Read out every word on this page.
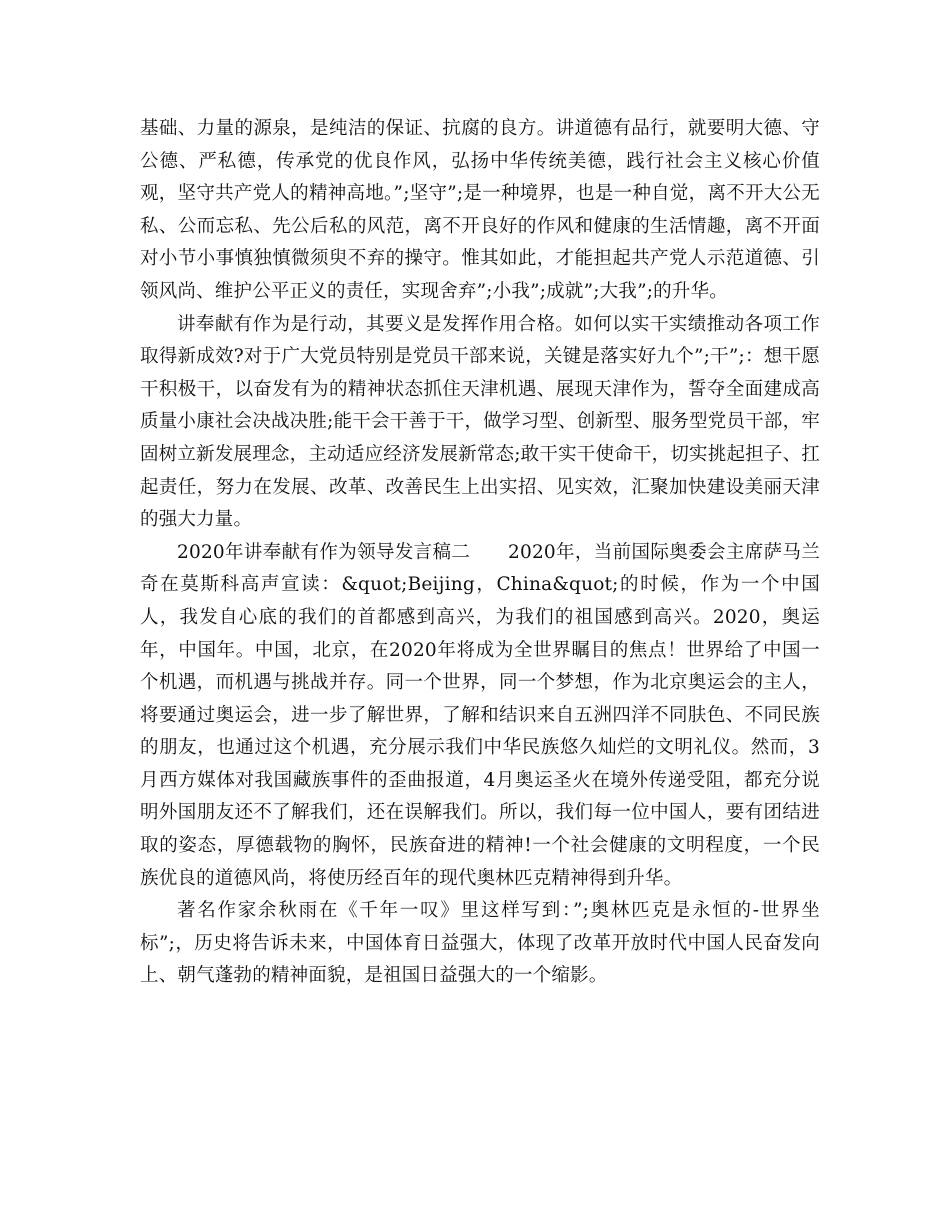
基础、力量的源泉，是纯洁的保证、抗腐的良方。讲道德有品行，就要明大德、守公德、严私德，传承党的优良作风，弘扬中华传统美德，践行社会主义核心价值观，坚守共产党人的精神高地。”;坚守”;是一种境界，也是一种自觉，离不开大公无私、公而忘私、先公后私的风范，离不开良好的作风和健康的生活情趣，离不开面对小节小事慎独慎微须臾不弃的操守。惟其如此，才能担起共产党人示范道德、引领风尚、维护公平正义的责任，实现舍弃”;小我”;成就”;大我”;的升华。

讲奉献有作为是行动，其要义是发挥作用合格。如何以实干实绩推动各项工作取得新成效?对于广大党员特别是党员干部来说，关键是落实好九个”;干”;：想干愿干积极干，以奋发有为的精神状态抓住天津机遇、展现天津作为，誓夺全面建成高质量小康社会决战决胜;能干会干善于干，做学习型、创新型、服务型党员干部，牢固树立新发展理念，主动适应经济发展新常态;敢干实干使命干，切实挑起担子、扛起责任，努力在发展、改革、改善民生上出实招、见实效，汇聚加快建设美丽天津的强大力量。

2020年讲奉献有作为领导发言稿二　　2020年，当前国际奥委会主席萨马兰奇在莫斯科高声宣读：&quot;Beijing，China&quot;的时候，作为一个中国人，我发自心底的我们的首都感到高兴，为我们的祖国感到高兴。2020，奥运年，中国年。中国，北京，在2020年将成为全世界瞩目的焦点！世界给了中国一个机遇，而机遇与挑战并存。同一个世界，同一个梦想，作为北京奥运会的主人，将要通过奥运会，进一步了解世界，了解和结识来自五洲四洋不同肤色、不同民族的朋友，也通过这个机遇，充分展示我们中华民族悠久灿烂的文明礼仪。然而，3月西方媒体对我国藏族事件的歪曲报道，4月奥运圣火在境外传递受阻，都充分说明外国朋友还不了解我们，还在误解我们。所以，我们每一位中国人，要有团结进取的姿态，厚德载物的胸怀，民族奋进的精神!一个社会健康的文明程度，一个民族优良的道德风尚，将使历经百年的现代奥林匹克精神得到升华。

著名作家余秋雨在《千年一叹》里这样写到：”;奥林匹克是永恒的-世界坐标”;，历史将告诉未来，中国体育日益强大，体现了改革开放时代中国人民奋发向上、朝气蓬勃的精神面貌，是祖国日益强大的一个缩影。
